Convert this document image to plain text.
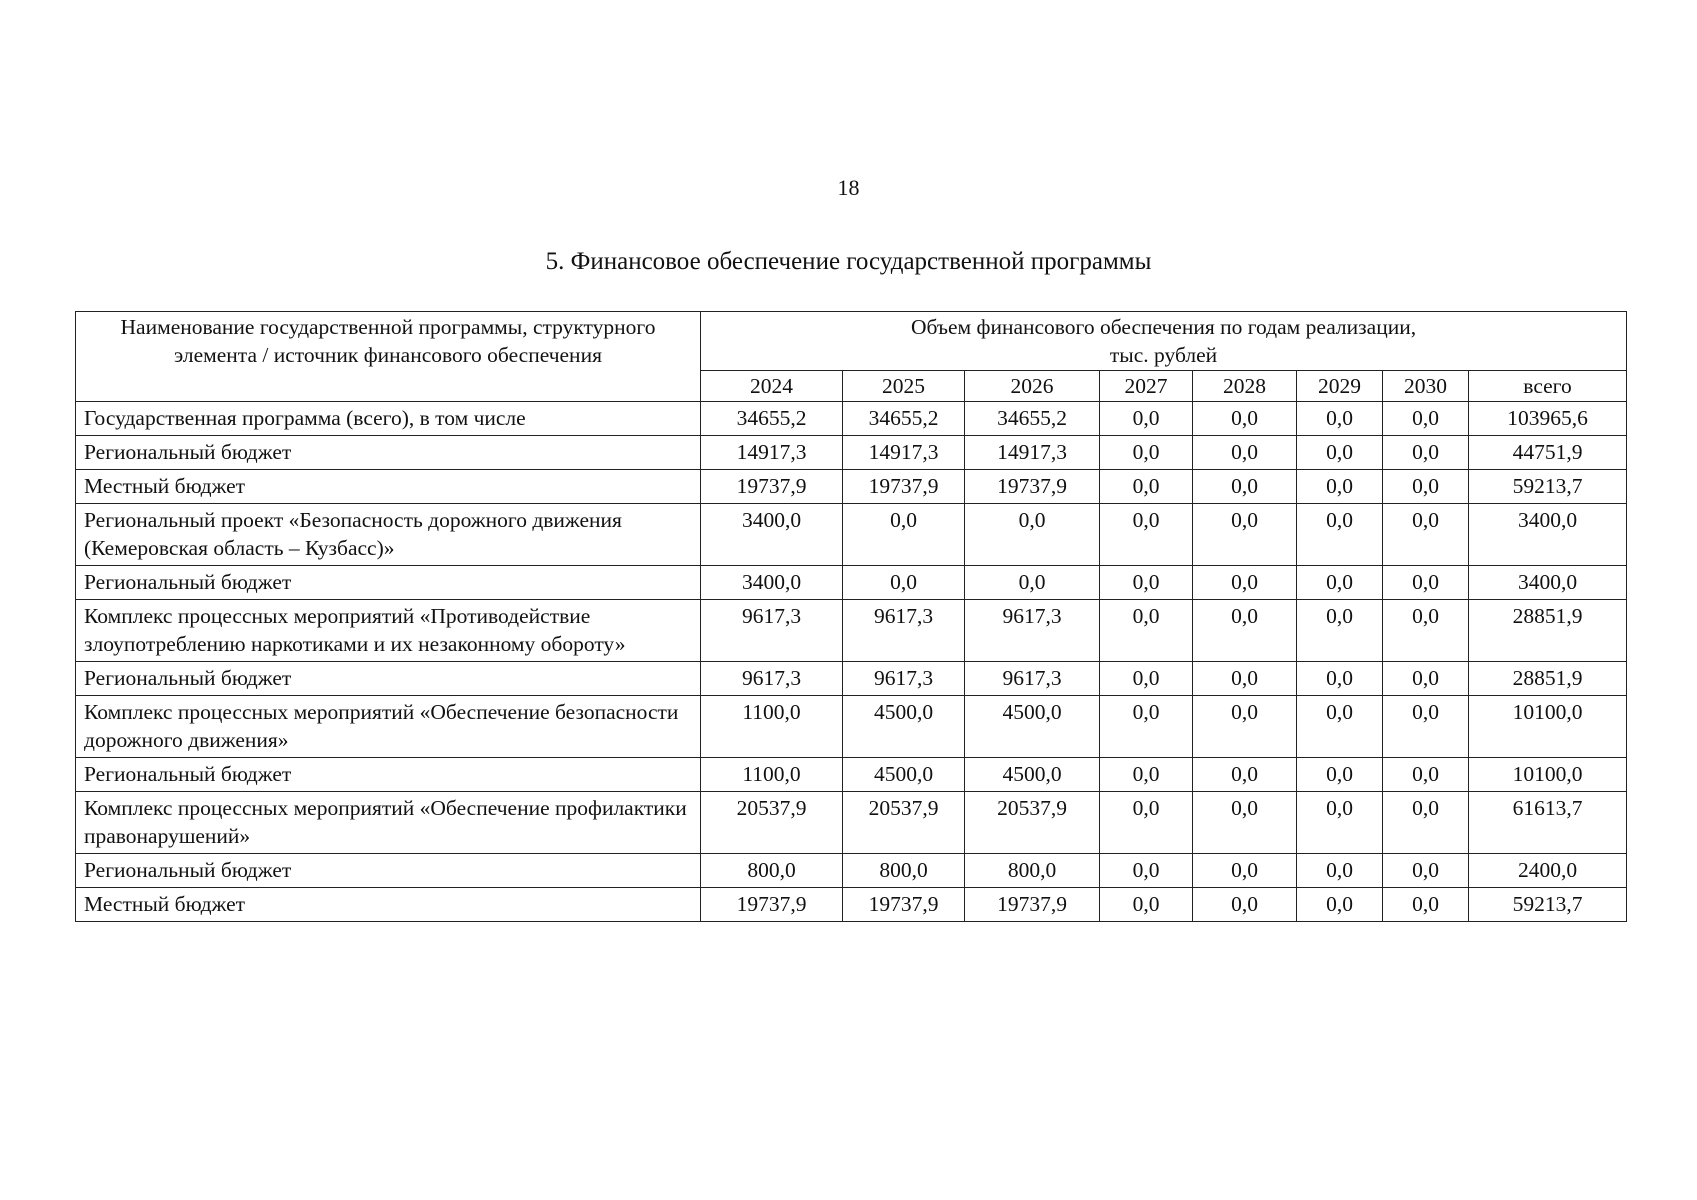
18
5. Финансовое обеспечение государственной программы
Наименование государственной программы, структурного элемента / источник финансового обеспечения	Объем финансового обеспечения по годам реализации,
тыс. рублей							

	2024	2025	2026	2027	2028	2029	2030	всего
Государственная программа (всего), в том числе	34655,2	34655,2	34655,2	0,0	0,0	0,0	0,0	103965,6
Региональный бюджет	14917,3	14917,3	14917,3	0,0	0,0	0,0	0,0	44751,9
Местный бюджет	19737,9	19737,9	19737,9	0,0	0,0	0,0	0,0	59213,7
Региональный проект «Безопасность дорожного движения (Кемеровская область – Кузбасс)»	3400,0	0,0	0,0	0,0	0,0	0,0	0,0	3400,0
Региональный бюджет	3400,0	0,0	0,0	0,0	0,0	0,0	0,0	3400,0
Комплекс процессных мероприятий «Противодействие злоупотреблению наркотиками и их незаконному обороту»	9617,3	9617,3	9617,3	0,0	0,0	0,0	0,0	28851,9
Региональный бюджет	9617,3	9617,3	9617,3	0,0	0,0	0,0	0,0	28851,9
Комплекс процессных мероприятий «Обеспечение безопасности дорожного движения»	1100,0	4500,0	4500,0	0,0	0,0	0,0	0,0	10100,0
Региональный бюджет	1100,0	4500,0	4500,0	0,0	0,0	0,0	0,0	10100,0
Комплекс процессных мероприятий «Обеспечение профилактики правонарушений»	20537,9	20537,9	20537,9	0,0	0,0	0,0	0,0	61613,7
Региональный бюджет	800,0	800,0	800,0	0,0	0,0	0,0	0,0	2400,0
Местный бюджет	19737,9	19737,9	19737,9	0,0	0,0	0,0	0,0	59213,7
